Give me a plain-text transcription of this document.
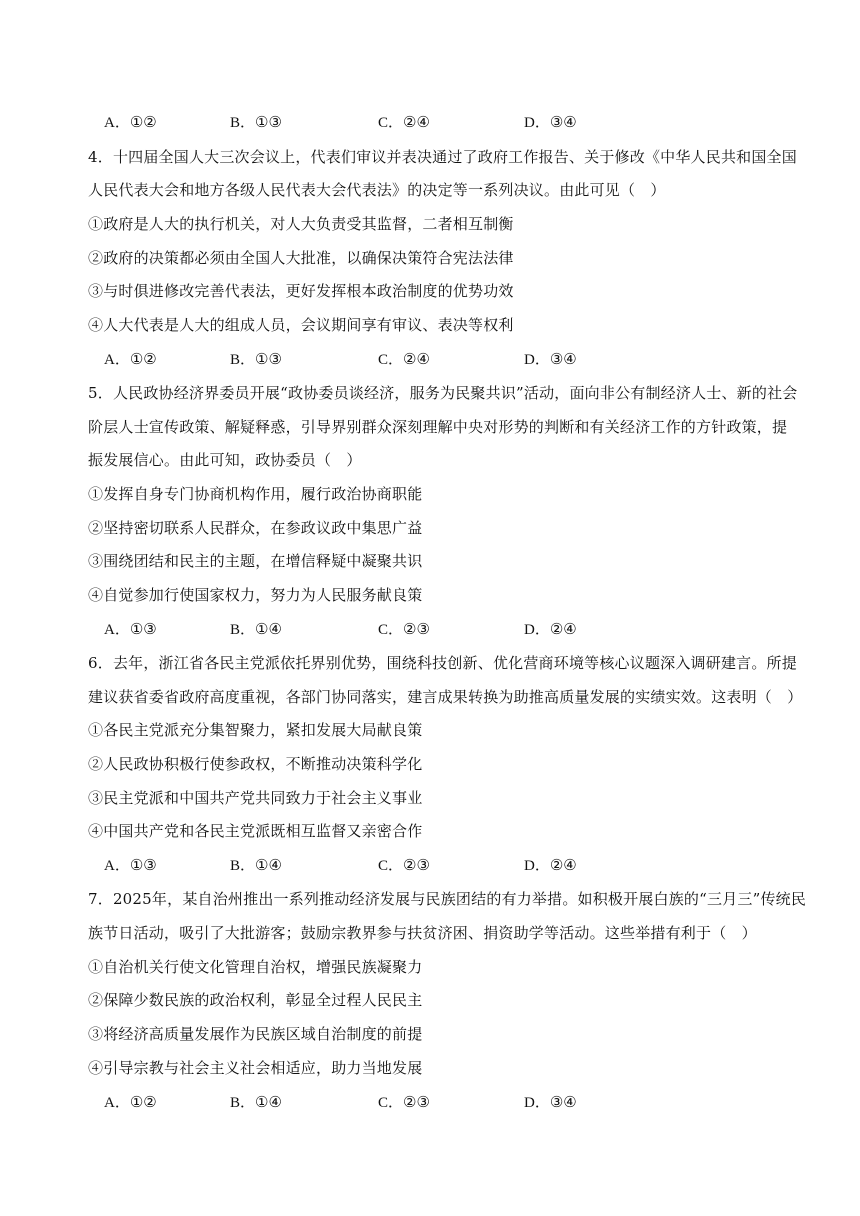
A．①②	B．①③	C．②④	D．③④
4．十四届全国人大三次会议上，代表们审议并表决通过了政府工作报告、关于修改《中华人民共和国全国
人民代表大会和地方各级人民代表大会代表法》的决定等一系列决议。由此可见（　）
①政府是人大的执行机关，对人大负责受其监督，二者相互制衡
②政府的决策都必须由全国人大批准，以确保决策符合宪法法律
③与时俱进修改完善代表法，更好发挥根本政治制度的优势功效
④人大代表是人大的组成人员，会议期间享有审议、表决等权利
A．①②	B．①③	C．②④	D．③④
5．人民政协经济界委员开展“政协委员谈经济，服务为民聚共识”活动，面向非公有制经济人士、新的社会
阶层人士宣传政策、解疑释惑，引导界别群众深刻理解中央对形势的判断和有关经济工作的方针政策，提
振发展信心。由此可知，政协委员（　）
①发挥自身专门协商机构作用，履行政治协商职能
②坚持密切联系人民群众，在参政议政中集思广益
③围绕团结和民主的主题，在增信释疑中凝聚共识
④自觉参加行使国家权力，努力为人民服务献良策
A．①③	B．①④	C．②③	D．②④
6．去年，浙江省各民主党派依托界别优势，围绕科技创新、优化营商环境等核心议题深入调研建言。所提
建议获省委省政府高度重视，各部门协同落实，建言成果转换为助推高质量发展的实绩实效。这表明（　）
①各民主党派充分集智聚力，紧扣发展大局献良策
②人民政协积极行使参政权，不断推动决策科学化
③民主党派和中国共产党共同致力于社会主义事业
④中国共产党和各民主党派既相互监督又亲密合作
A．①③	B．①④	C．②③	D．②④
7．2025年，某自治州推出一系列推动经济发展与民族团结的有力举措。如积极开展白族的“三月三”传统民
族节日活动，吸引了大批游客；鼓励宗教界参与扶贫济困、捐资助学等活动。这些举措有利于（　）
①自治机关行使文化管理自治权，增强民族凝聚力
②保障少数民族的政治权利，彰显全过程人民民主
③将经济高质量发展作为民族区域自治制度的前提
④引导宗教与社会主义社会相适应，助力当地发展
A．①②	B．①④	C．②③	D．③④
